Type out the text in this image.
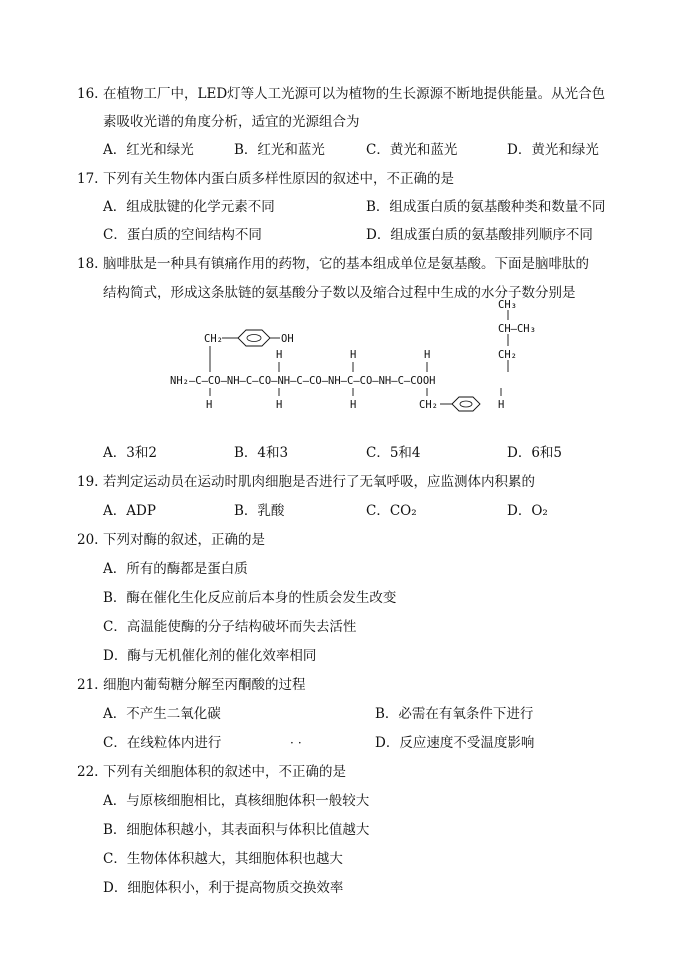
16. 在植物工厂中，LED灯等人工光源可以为植物的生长源源不断地提供能量。从光合色
素吸收光谱的角度分析，适宜的光源组合为
A．红光和绿光	B．红光和蓝光	C．黄光和蓝光	D．黄光和绿光
17. 下列有关生物体内蛋白质多样性原因的叙述中，不正确的是
A．组成肽键的化学元素不同	B．组成蛋白质的氨基酸种类和数量不同
C．蛋白质的空间结构不同	D．组成蛋白质的氨基酸排列顺序不同
18. 脑啡肽是一种具有镇痛作用的药物，它的基本组成单位是氨基酸。下面是脑啡肽的
结构简式，形成这条肽链的氨基酸分子数以及缩合过程中生成的水分子数分别是
CH₃
CH—CH₃
CH₂
CH₂	OH
H	H	H
NH₂—C—CO—NH—C—CO—NH—C—CO—NH—C—CO—NH—C—COOH
H	H	H	CH₂	H
A．3和2	B．4和3	C．5和4	D．6和5
19. 若判定运动员在运动时肌肉细胞是否进行了无氧呼吸，应监测体内积累的
A．ADP	B．乳酸	C．CO₂	D．O₂
20. 下列对酶的叙述，正确的是
A．所有的酶都是蛋白质
B．酶在催化生化反应前后本身的性质会发生改变
C．高温能使酶的分子结构破坏而失去活性
D．酶与无机催化剂的催化效率相同
21. 细胞内葡萄糖分解至丙酮酸的过程
A．不产生二氧化碳	B．必需在有氧条件下进行
C．在线粒体内进行	··	D．反应速度不受温度影响
22. 下列有关细胞体积的叙述中，不正确的是
A．与原核细胞相比，真核细胞体积一般较大
B．细胞体积越小，其表面积与体积比值越大
C．生物体体积越大，其细胞体积也越大
D．细胞体积小，利于提高物质交换效率
